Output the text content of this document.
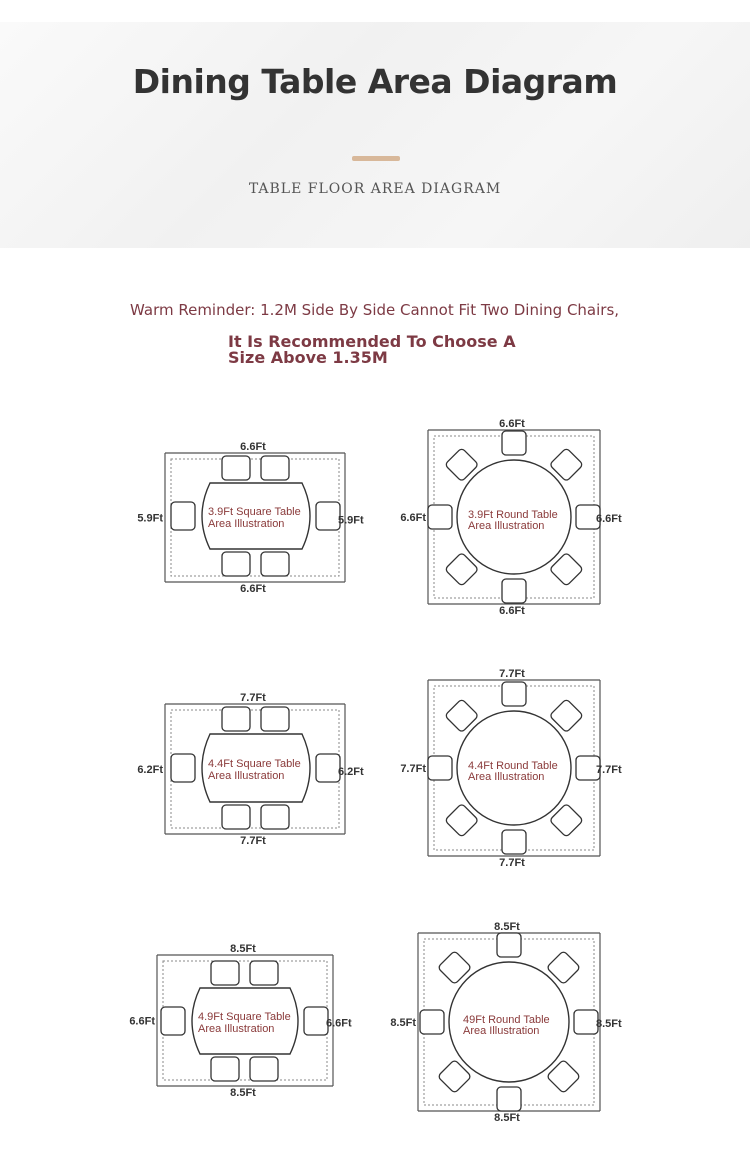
Dining Table Area Diagram
TABLE FLOOR AREA DIAGRAM
Warm Reminder: 1.2M Side By Side Cannot Fit Two Dining Chairs,
It Is Recommended To Choose A
Size Above 1.35M
6.6Ft
6.6Ft
5.9Ft	5.9Ft
3.9Ft Square Table
Area Illustration
6.6Ft
6.6Ft
6.6Ft	6.6Ft
3.9Ft Round Table
Area Illustration
7.7Ft
7.7Ft
6.2Ft	6.2Ft
4.4Ft Square Table
Area Illustration
7.7Ft
7.7Ft
7.7Ft	7.7Ft
4.4Ft Round Table
Area Illustration
8.5Ft
8.5Ft
6.6Ft	6.6Ft
4.9Ft Square Table
Area Illustration
8.5Ft
8.5Ft
8.5Ft	8.5Ft
49Ft Round Table
Area Illustration
